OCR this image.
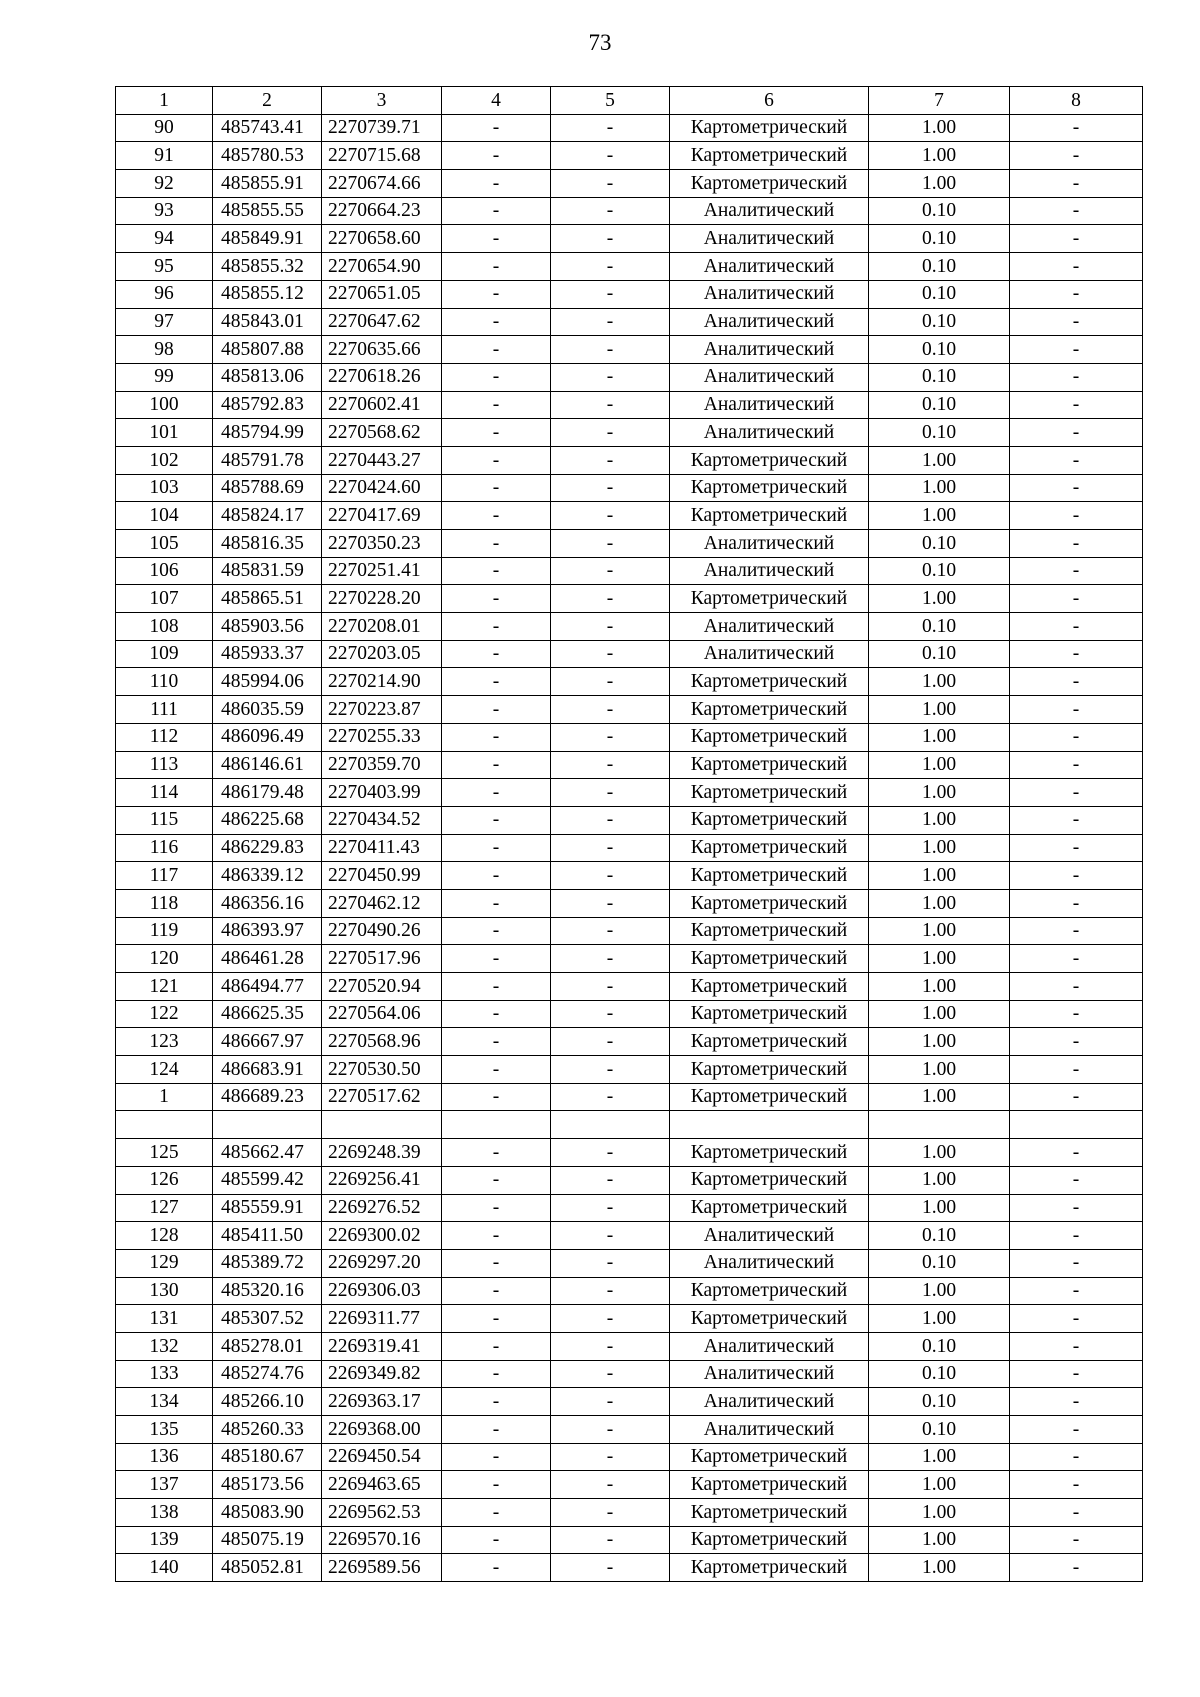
73
1	2	3	4	5	6	7	8
90	485743.41	2270739.71	-	-	Картометрический	1.00	-
91	485780.53	2270715.68	-	-	Картометрический	1.00	-
92	485855.91	2270674.66	-	-	Картометрический	1.00	-
93	485855.55	2270664.23	-	-	Аналитический	0.10	-
94	485849.91	2270658.60	-	-	Аналитический	0.10	-
95	485855.32	2270654.90	-	-	Аналитический	0.10	-
96	485855.12	2270651.05	-	-	Аналитический	0.10	-
97	485843.01	2270647.62	-	-	Аналитический	0.10	-
98	485807.88	2270635.66	-	-	Аналитический	0.10	-
99	485813.06	2270618.26	-	-	Аналитический	0.10	-
100	485792.83	2270602.41	-	-	Аналитический	0.10	-
101	485794.99	2270568.62	-	-	Аналитический	0.10	-
102	485791.78	2270443.27	-	-	Картометрический	1.00	-
103	485788.69	2270424.60	-	-	Картометрический	1.00	-
104	485824.17	2270417.69	-	-	Картометрический	1.00	-
105	485816.35	2270350.23	-	-	Аналитический	0.10	-
106	485831.59	2270251.41	-	-	Аналитический	0.10	-
107	485865.51	2270228.20	-	-	Картометрический	1.00	-
108	485903.56	2270208.01	-	-	Аналитический	0.10	-
109	485933.37	2270203.05	-	-	Аналитический	0.10	-
110	485994.06	2270214.90	-	-	Картометрический	1.00	-
111	486035.59	2270223.87	-	-	Картометрический	1.00	-
112	486096.49	2270255.33	-	-	Картометрический	1.00	-
113	486146.61	2270359.70	-	-	Картометрический	1.00	-
114	486179.48	2270403.99	-	-	Картометрический	1.00	-
115	486225.68	2270434.52	-	-	Картометрический	1.00	-
116	486229.83	2270411.43	-	-	Картометрический	1.00	-
117	486339.12	2270450.99	-	-	Картометрический	1.00	-
118	486356.16	2270462.12	-	-	Картометрический	1.00	-
119	486393.97	2270490.26	-	-	Картометрический	1.00	-
120	486461.28	2270517.96	-	-	Картометрический	1.00	-
121	486494.77	2270520.94	-	-	Картометрический	1.00	-
122	486625.35	2270564.06	-	-	Картометрический	1.00	-
123	486667.97	2270568.96	-	-	Картометрический	1.00	-
124	486683.91	2270530.50	-	-	Картометрический	1.00	-
1	486689.23	2270517.62	-	-	Картометрический	1.00	-

125	485662.47	2269248.39	-	-	Картометрический	1.00	-
126	485599.42	2269256.41	-	-	Картометрический	1.00	-
127	485559.91	2269276.52	-	-	Картометрический	1.00	-
128	485411.50	2269300.02	-	-	Аналитический	0.10	-
129	485389.72	2269297.20	-	-	Аналитический	0.10	-
130	485320.16	2269306.03	-	-	Картометрический	1.00	-
131	485307.52	2269311.77	-	-	Картометрический	1.00	-
132	485278.01	2269319.41	-	-	Аналитический	0.10	-
133	485274.76	2269349.82	-	-	Аналитический	0.10	-
134	485266.10	2269363.17	-	-	Аналитический	0.10	-
135	485260.33	2269368.00	-	-	Аналитический	0.10	-
136	485180.67	2269450.54	-	-	Картометрический	1.00	-
137	485173.56	2269463.65	-	-	Картометрический	1.00	-
138	485083.90	2269562.53	-	-	Картометрический	1.00	-
139	485075.19	2269570.16	-	-	Картометрический	1.00	-
140	485052.81	2269589.56	-	-	Картометрический	1.00	-
